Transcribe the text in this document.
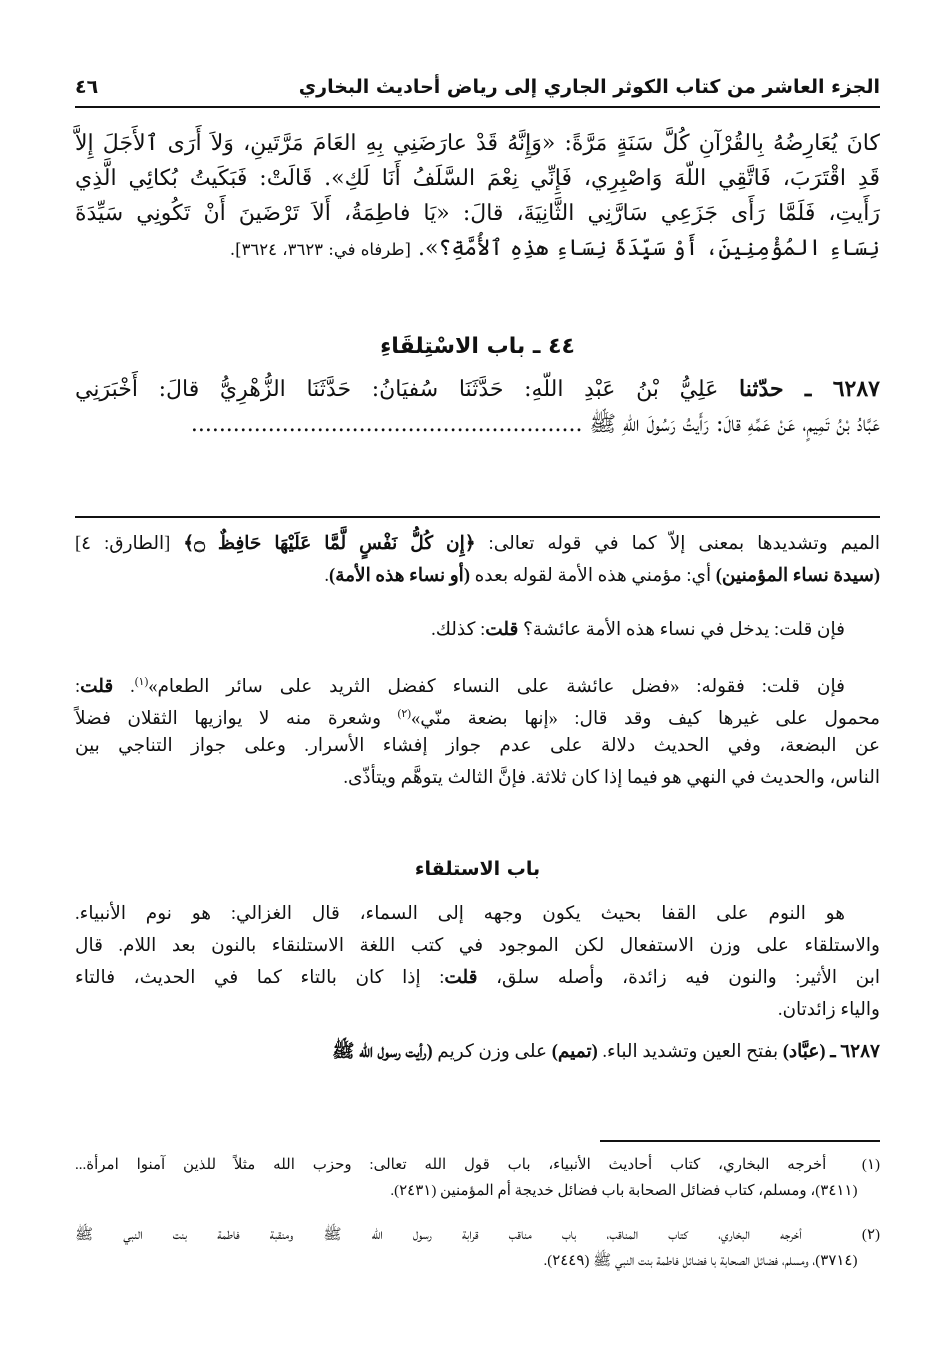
الجزء العاشر من كتاب الكوثر الجاري إلى رياض أحاديث البخاري
٤٦
كانَ يُعَارِضُهُ بِالقُرْآنِ كُلَّ سَنَةٍ مَرَّةً: «وَإِنَّهُ قَدْ عارَضَنِي بِهِ العَامَ مَرَّتَينِ، وَلاَ أَرَى ٱلأَجَلَ إِلاَّ
قَدِ اقْتَرَبَ، فَاتَّقِي اللّهَ وَاصْبِرِي، فَإِنِّي نِعْمَ السَّلَفُ أَنَا لَكِ». قَالَتْ: فَبَكَيتُ بُكائِي الَّذِي
رَأَيتِ، فَلَمَّا رَأَى جَزَعِي سَارَّنِي الثَّانِيَةَ، قالَ: «يَا فاطِمَةُ، أَلاَ تَرْضَينَ أَنْ تَكُونِي سَيِّدَةَ
نِسَاءِ المُؤْمِنِينَ، أَوْ سَيِّدَةَ نِسَاءِ هذِهِ ٱلأُمَّةِ؟». [طرفاه في: ٣٦٢٣، ٣٦٢٤].
٤٤ ـ باب الاسْتِلقَاءِ
٦٢٨٧ ـ حدّثنا عَلِيُّ بْنُ عَبْدِ اللّهِ: حَدَّثَنَا سُفيَانُ: حَدَّثَنَا الزُّهْرِيُّ قالَ: أَخْبَرَنِي
عَبَّادُ بْنُ تَمِيمٍ، عَنْ عَمِّهِ قالَ: رَأَيتُ رَسُولَ اللّهِ ﷺ ........................................................
الميم وتشديدها بمعنى إلاّ كما في قوله تعالى: ﴿إِن كُلُّ نَفْسٍ لَّمَّا عَلَيْهَا حَافِظٌ ۝﴾ [الطارق: ٤]
(سيدة نساء المؤمنين) أي: مؤمني هذه الأمة لقوله بعده (أو نساء هذه الأمة).
فإن قلت: يدخل في نساء هذه الأمة عائشة؟ قلت: كذلك.
فإن قلت: فقوله: «فضل عائشة على النساء كفضل الثريد على سائر الطعام»$^{(١)}$. قلت:
محمول على غيرها كيف وقد قال: «إنها بضعة منّي»$^{(٢)}$ وشعرة منه لا يوازيها الثقلان فضلاً
عن البضعة، وفي الحديث دلالة على عدم جواز إفشاء الأسرار. وعلى جواز التناجي بين
الناس، والحديث في النهي هو فيما إذا كان ثلاثة. فإنَّ الثالث يتوهَّم ويتأذّى.
باب الاستلقاء
هو النوم على القفا بحيث يكون وجهه إلى السماء، قال الغزالي: هو نوم الأنبياء.
والاستلقاء على وزن الاستفعال لكن الموجود في كتب اللغة الاستلنقاء بالنون بعد اللام. قال
ابن الأثير: والنون فيه زائدة، وأصله سلق، قلت: إذا كان بالتاء كما في الحديث، فالتاء
والياء زائدتان.
٦٢٨٧ ـ (عبَّاد) بفتح العين وتشديد الباء. (تميم) على وزن كريم (رأيت رسول الله ﷺ
(١)  أخرجه البخاري، كتاب أحاديث الأنبياء، باب قول الله تعالى: وحزب الله مثلاً للذين آمنوا امرأة...
(٣٤١١)، ومسلم، كتاب فضائل الصحابة باب فضائل خديجة أم المؤمنين (٢٤٣١).
(٢)  أخرجه البخاري، كتاب المناقب، باب مناقب قرابة رسول الله ﷺ ومنقبة فاطمة بنت النبي ﷺ
(٣٧١٤)، ومسلم، فضائل الصحابة با فضائل فاطمة بنت النبي ﷺ (٢٤٤٩).
